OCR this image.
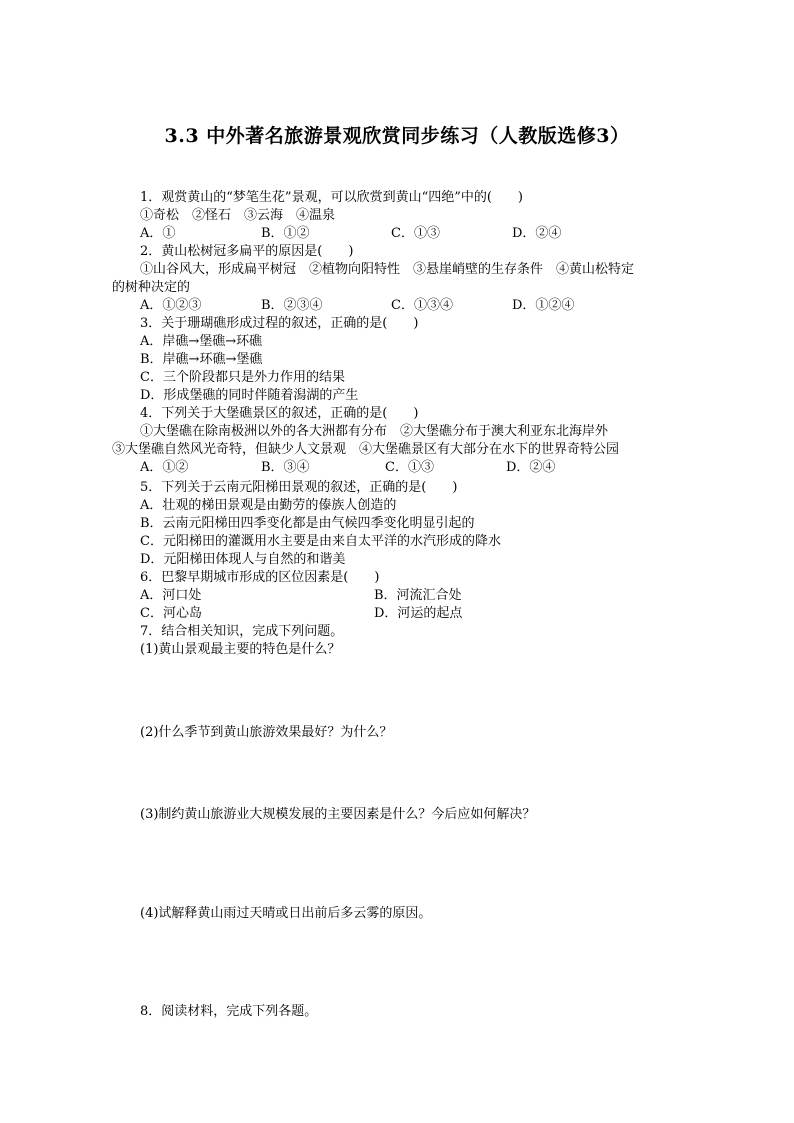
3.3 中外著名旅游景观欣赏同步练习（人教版选修3）
1．观赏黄山的“梦笔生花”景观，可以欣赏到黄山“四绝”中的(　　)
①奇松　②怪石　③云海　④温泉
A．①	B．①②	C．①③	D．②④
2．黄山松树冠多扁平的原因是(　　)
①山谷风大，形成扁平树冠　②植物向阳特性　③悬崖峭壁的生存条件　④黄山松特定
的树种决定的
A．①②③	B．②③④	C．①③④	D．①②④
3．关于珊瑚礁形成过程的叙述，正确的是(　　)
A．岸礁→堡礁→环礁
B．岸礁→环礁→堡礁
C．三个阶段都只是外力作用的结果
D．形成堡礁的同时伴随着潟湖的产生
4．下列关于大堡礁景区的叙述，正确的是(　　)
①大堡礁在除南极洲以外的各大洲都有分布　②大堡礁分布于澳大利亚东北海岸外
③大堡礁自然风光奇特，但缺少人文景观　④大堡礁景区有大部分在水下的世界奇特公园
A．①②	B．③④	C．①③	D．②④
5．下列关于云南元阳梯田景观的叙述，正确的是(　　)
A．壮观的梯田景观是由勤劳的傣族人创造的
B．云南元阳梯田四季变化都是由气候四季变化明显引起的
C．元阳梯田的灌溉用水主要是由来自太平洋的水汽形成的降水
D．元阳梯田体现人与自然的和谐美
6．巴黎早期城市形成的区位因素是(　　)
A．河口处	B．河流汇合处
C．河心岛	D．河运的起点
7．结合相关知识，完成下列问题。
(1)黄山景观最主要的特色是什么？
(2)什么季节到黄山旅游效果最好？为什么？
(3)制约黄山旅游业大规模发展的主要因素是什么？今后应如何解决？
(4)试解释黄山雨过天晴或日出前后多云雾的原因。
8．阅读材料，完成下列各题。
